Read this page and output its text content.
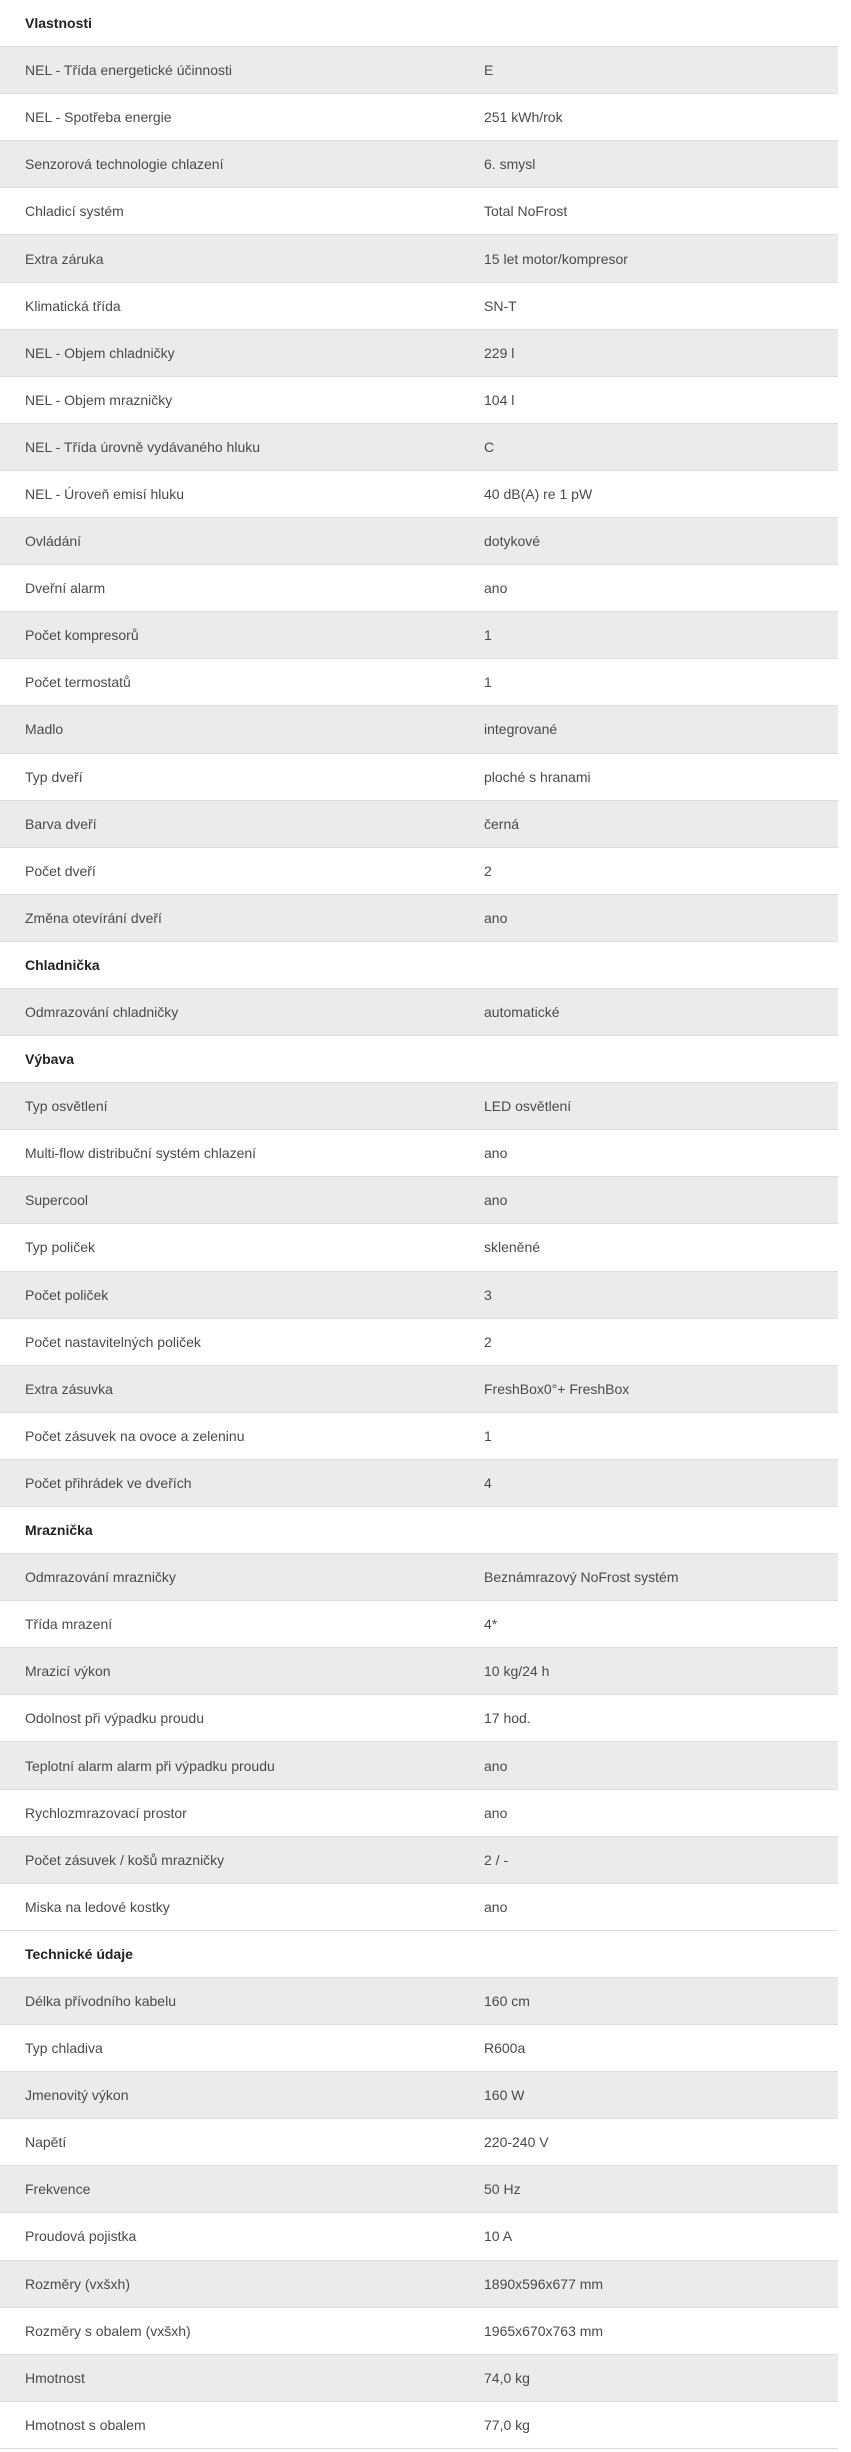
Vlastnosti
NEL - Třída energetické účinnosti	E
NEL - Spotřeba energie	251 kWh/rok
Senzorová technologie chlazení	6. smysl
Chladicí systém	Total NoFrost
Extra záruka	15 let motor/kompresor
Klimatická třída	SN-T
NEL - Objem chladničky	229 l
NEL - Objem mrazničky	104 l
NEL - Třída úrovně vydávaného hluku	C
NEL - Úroveň emisí hluku	40 dB(A) re 1 pW
Ovládání	dotykové
Dveřní alarm	ano
Počet kompresorů	1
Počet termostatů	1
Madlo	integrované
Typ dveří	ploché s hranami
Barva dveří	černá
Počet dveří	2
Změna otevírání dveří	ano
Chladnička
Odmrazování chladničky	automatické
Výbava
Typ osvětlení	LED osvětlení
Multi-flow distribuční systém chlazení	ano
Supercool	ano
Typ poliček	skleněné
Počet poliček	3
Počet nastavitelných poliček	2
Extra zásuvka	FreshBox0°+ FreshBox
Počet zásuvek na ovoce a zeleninu	1
Počet přihrádek ve dveřích	4
Mraznička
Odmrazování mrazničky	Beznámrazový NoFrost systém
Třída mrazení	4*
Mrazicí výkon	10 kg/24 h
Odolnost při výpadku proudu	17 hod.
Teplotní alarm alarm při výpadku proudu	ano
Rychlozmrazovací prostor	ano
Počet zásuvek / košů mrazničky	2 / -
Miska na ledové kostky	ano
Technické údaje
Délka přívodního kabelu	160 cm
Typ chladiva	R600a
Jmenovitý výkon	160 W
Napětí	220-240 V
Frekvence	50 Hz
Proudová pojistka	10 A
Rozměry (vxšxh)	1890x596x677 mm
Rozměry s obalem (vxšxh)	1965x670x763 mm
Hmotnost	74,0 kg
Hmotnost s obalem	77,0 kg
